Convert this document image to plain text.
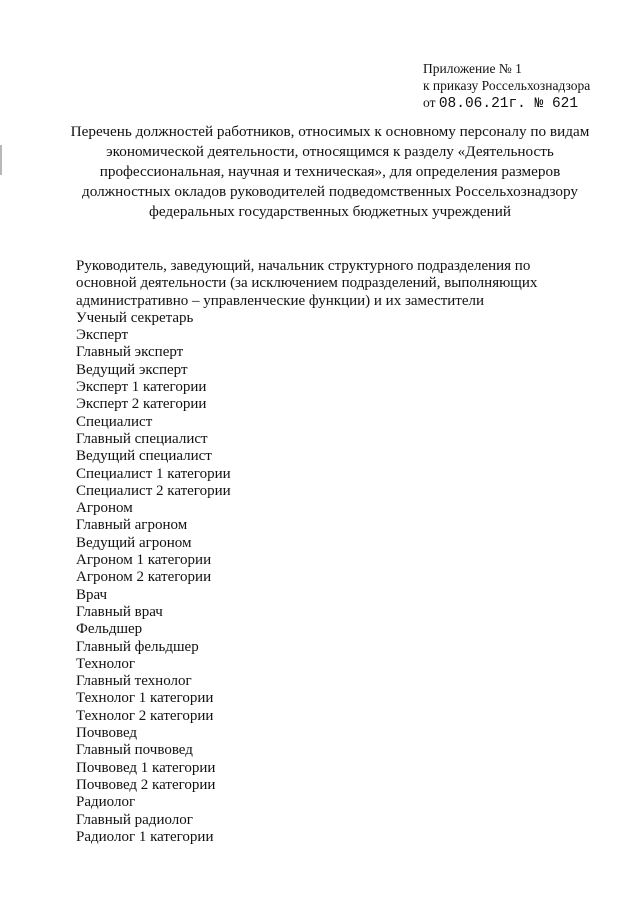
Приложение № 1
к приказу Россельхознадзора
от 08.06.21г. № 621
Перечень должностей работников, относимых к основному персоналу по видам
экономической деятельности, относящимся к разделу «Деятельность
профессиональная, научная и техническая», для определения размеров
должностных окладов руководителей подведомственных Россельхознадзору
федеральных государственных бюджетных учреждений
Руководитель, заведующий, начальник структурного подразделения по основной деятельности (за исключением подразделений, выполняющих административно – управленческие функции) и их заместители
Ученый секретарь
Эксперт
Главный эксперт
Ведущий эксперт
Эксперт 1 категории
Эксперт 2 категории
Специалист
Главный специалист
Ведущий специалист
Специалист 1 категории
Специалист 2 категории
Агроном
Главный агроном
Ведущий агроном
Агроном 1 категории
Агроном 2 категории
Врач
Главный врач
Фельдшер
Главный фельдшер
Технолог
Главный технолог
Технолог 1 категории
Технолог 2 категории
Почвовед
Главный почвовед
Почвовед 1 категории
Почвовед 2 категории
Радиолог
Главный радиолог
Радиолог 1 категории
